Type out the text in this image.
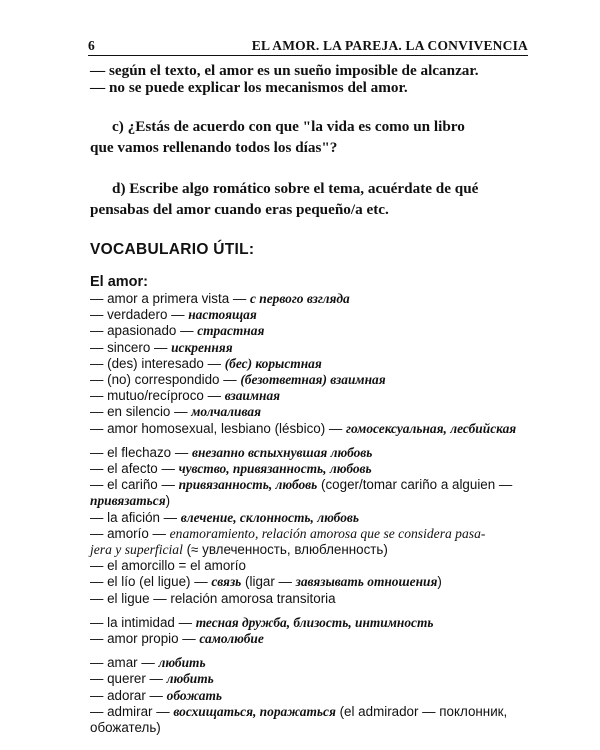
6	EL AMOR. LA PAREJA. LA CONVIVENCIA
— según el texto, el amor es un sueño imposible de alcanzar.
— no se puede explicar los mecanismos del amor.
c) ¿Estás de acuerdo con que "la vida es como un libro
que vamos rellenando todos los días"?
d) Escribe algo romático sobre el tema, acuérdate de qué
pensabas del amor cuando eras pequeño/a etc.
VOCABULARIO ÚTIL:
El amor:
— amor a primera vista — с первого взгляда
— verdadero — настоящая
— apasionado — страстная
— sincero — искренняя
— (des) interesado — (бес) корыстная
— (no) correspondido — (безответная) взаимная
— mutuo/recíproco — взаимная
— en silencio — молчаливая
— amor homosexual, lesbiano (lésbico) — гомосексуальная, лесбийская
— el flechazo — внезапно вспыхнувшая любовь
— el afecto — чувство, привязанность, любовь
— el cariño — привязанность, любовь (coger/tomar cariño a alguien —
привязаться)
— la afición — влечение, склонность, любовь
— amorío — enamoramiento, relación amorosa que se considera pasa-
jera y superficial (≈ увлеченность, влюбленность)
— el amorcillo = el amorío
— el lío (el ligue) — связь (ligar — завязывать отношения)
— el ligue — relación amorosa transitoria
— la intimidad — тесная дружба, близость, интимность
— amor propio — самолюбие
— amar — любить
— querer — любить
— adorar — обожать
— admirar — восхищаться, поражаться (el admirador — поклонник,
обожатель)
